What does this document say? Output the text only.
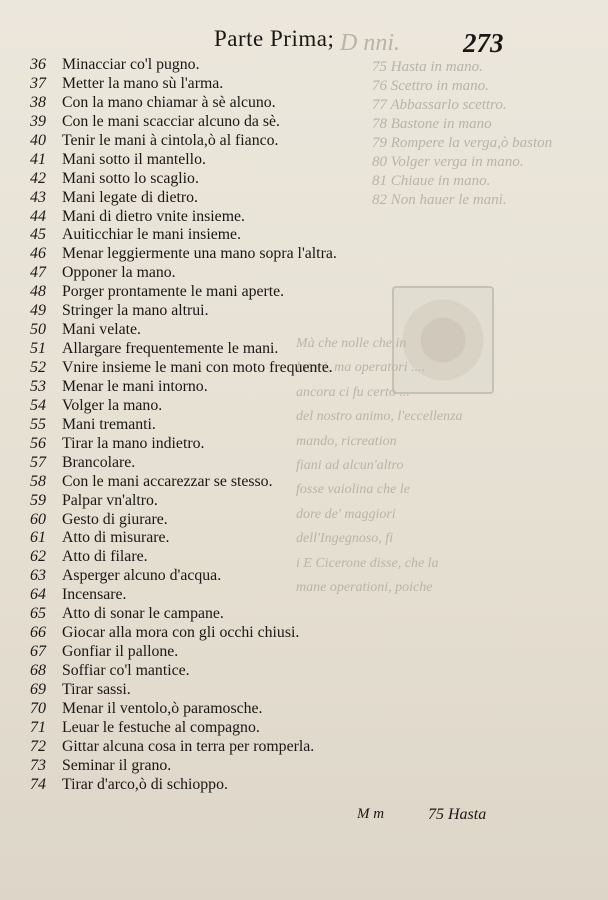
D nni.
75 Hasta in mano.
76 Scettro in mano.
77 Abbassarlo scettro.
78 Bastone in mano
79 Rompere la verga,ò baston
80 Volger verga in mano.
81 Chiaue in mano.
82 Non hauer le mani.
Mà che nolle che in
latori, ma operatori ....
ancora ci fu certo ...
del nostro animo, l'eccellenza
mando, ricreation
fiani ad alcun'altro
fosse vaiolina che le
dore de' maggiori
dell'Ingegnoso, fi
i E Cicerone disse, che la
mane operationi, poiche
Parte Prima;	273
36 Minacciar co'l pugno.
37 Metter la mano sù l'arma.
38 Con la mano chiamar à sè alcuno.
39 Con le mani scacciar alcuno da sè.
40 Tenir le mani à cintola,ò al fianco.
41 Mani sotto il mantello.
42 Mani sotto lo scaglio.
43 Mani legate di dietro.
44 Mani di dietro vnite insieme.
45 Auiticchiar le mani insieme.
46 Menar leggiermente una mano sopra l'altra.
47 Opponer la mano.
48 Porger prontamente le mani aperte.
49 Stringer la mano altrui.
50 Mani velate.
51 Allargare frequentemente le mani.
52 Vnire insieme le mani con moto frequente.
53 Menar le mani intorno.
54 Volger la mano.
55 Mani tremanti.
56 Tirar la mano indietro.
57 Brancolare.
58 Con le mani accarezzar se stesso.
59 Palpar vn'altro.
60 Gesto di giurare.
61 Atto di misurare.
62 Atto di filare.
63 Asperger alcuno d'acqua.
64 Incensare.
65 Atto di sonar le campane.
66 Giocar alla mora con gli occhi chiusi.
67 Gonfiar il pallone.
68 Soffiar co'l mantice.
69 Tirar sassi.
70 Menar il ventolo,ò paramosche.
71 Leuar le festuche al compagno.
72 Gittar alcuna cosa in terra per romperla.
73 Seminar il grano.
74 Tirar d'arco,ò di schioppo.
M m	75 Hasta
